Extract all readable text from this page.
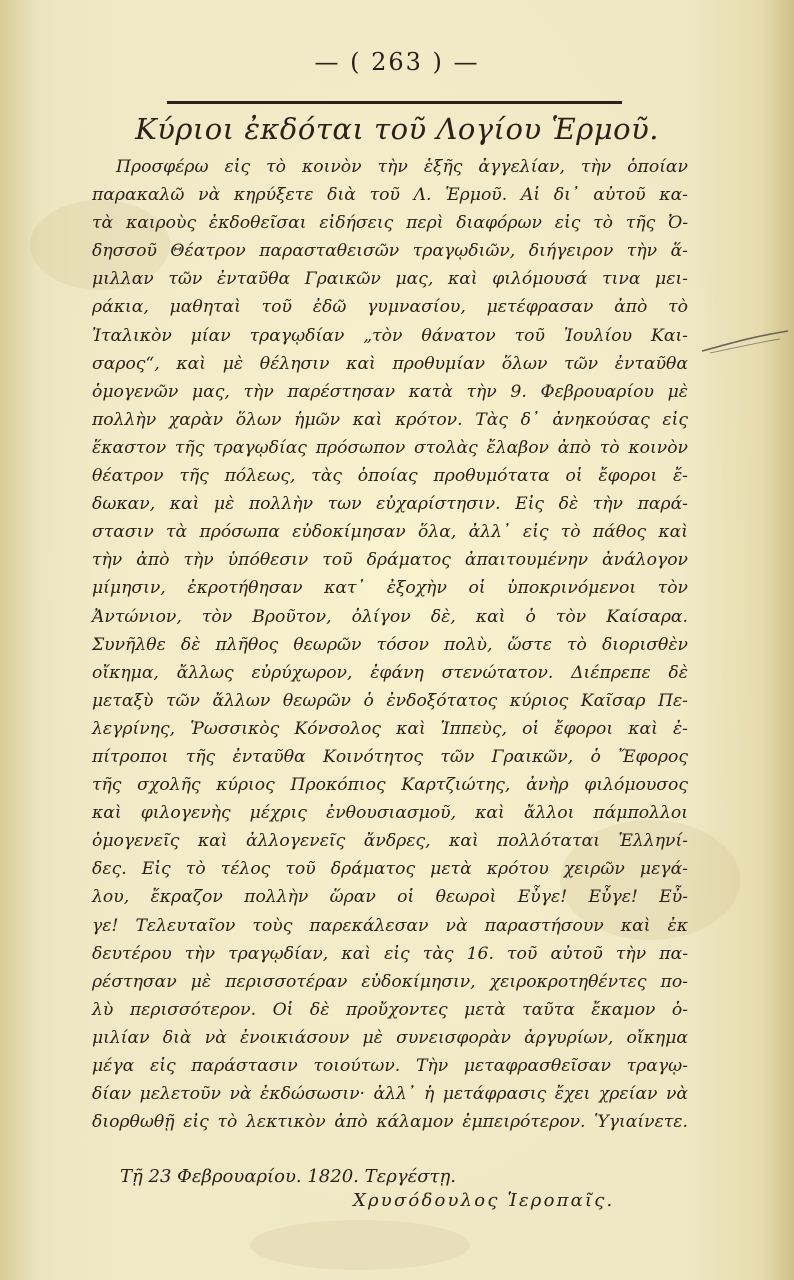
— ( 263 ) —
Κύριοι ἐκδόται τοῦ Λογίου Ἑρμοῦ.
Προσφέρω εἰς τὸ κοινὸν τὴν ἑξῆς ἀγγελίαν, τὴν ὁποίαν
παρακαλῶ νὰ κηρύξετε διὰ τοῦ Λ. Ἑρμοῦ. Αἱ δι᾿ αὐτοῦ κα-
τὰ καιροὺς ἐκδοθεῖσαι εἰδήσεις περὶ διαφόρων εἰς τὸ τῆς Ὀ-
δησσοῦ Θέατρον παρασταθεισῶν τραγῳδιῶν, διήγειρον τὴν ἅ-
μιλλαν τῶν ἐνταῦθα Γραικῶν μας, καὶ φιλόμουσά τινα μει-
ράκια, μαθηταὶ τοῦ ἐδῶ γυμνασίου, μετέφρασαν ἀπὸ τὸ
Ἰταλικὸν μίαν τραγῳδίαν „τὸν θάνατον τοῦ Ἰουλίου Και-
σαρος“, καὶ μὲ θέλησιν καὶ προθυμίαν ὅλων τῶν ἐνταῦθα
ὁμογενῶν μας, τὴν παρέστησαν κατὰ τὴν 9. Φεβρουαρίου μὲ
πολλὴν χαρὰν ὅλων ἡμῶν καὶ κρότον. Τὰς δ᾿ ἀνηκούσας εἰς
ἕκαστον τῆς τραγῳδίας πρόσωπον στολὰς ἔλαβον ἀπὸ τὸ κοινὸν
θέατρον τῆς πόλεως, τὰς ὁποίας προθυμότατα οἱ ἔφοροι ἔ-
δωκαν, καὶ μὲ πολλὴν των εὐχαρίστησιν. Εἰς δὲ τὴν παρά-
στασιν τὰ πρόσωπα εὐδοκίμησαν ὅλα, ἀλλ᾿ εἰς τὸ πάθος καὶ
τὴν ἀπὸ τὴν ὑπόθεσιν τοῦ δράματος ἀπαιτουμένην ἀνάλογον
μίμησιν, ἐκροτήθησαν κατ᾿ ἐξοχὴν οἱ ὑποκρινόμενοι τὸν
Ἀντώνιον, τὸν Βροῦτον, ὀλίγον δὲ, καὶ ὁ τὸν Καίσαρα.
Συνῆλθε δὲ πλῆθος θεωρῶν τόσον πολὺ, ὥστε τὸ διορισθὲν
οἴκημα, ἄλλως εὐρύχωρον, ἐφάνη στενώτατον. Διέπρεπε δὲ
μεταξὺ τῶν ἄλλων θεωρῶν ὁ ἐνδοξότατος κύριος Καῖσαρ Πε-
λεγρίνης, Ῥωσσικὸς Κόνσολος καὶ Ἱππεὺς, οἱ ἔφοροι καὶ ἐ-
πίτροποι τῆς ἐνταῦθα Κοινότητος τῶν Γραικῶν, ὁ Ἔφορος
τῆς σχολῆς κύριος Προκόπιος Καρτζιώτης, ἀνὴρ φιλόμουσος
καὶ φιλογενὴς μέχρις ἐνθουσιασμοῦ, καὶ ἄλλοι πάμπολλοι
ὁμογενεῖς καὶ ἀλλογενεῖς ἄνδρες, καὶ πολλόταται Ἑλληνί-
δες. Εἰς τὸ τέλος τοῦ δράματος μετὰ κρότου χειρῶν μεγά-
λου, ἔκραζον πολλὴν ὥραν οἱ θεωροὶ Εὖγε! Εὖγε! Εὖ-
γε! Τελευταῖον τοὺς παρεκάλεσαν νὰ παραστήσουν καὶ ἐκ
δευτέρου τὴν τραγῳδίαν, καὶ εἰς τὰς 16. τοῦ αὐτοῦ τὴν πα-
ρέστησαν μὲ περισσοτέραν εὐδοκίμησιν, χειροκροτηθέντες πο-
λὺ περισσότερον. Οἱ δὲ προὔχοντες μετὰ ταῦτα ἔκαμον ὁ-
μιλίαν διὰ νὰ ἐνοικιάσουν μὲ συνεισφορὰν ἀργυρίων, οἴκημα
μέγα εἰς παράστασιν τοιούτων. Τὴν μεταφρασθεῖσαν τραγῳ-
δίαν μελετοῦν νὰ ἐκδώσωσιν· ἀλλ᾿ ἡ μετάφρασις ἔχει χρείαν νὰ
διορθωθῇ εἰς τὸ λεκτικὸν ἀπὸ κάλαμον ἐμπειρότερον. Ὑγιαίνετε.
Τῇ 23 Φεβρουαρίου. 1820. Τεργέστῃ.
Χρυσόδουλος Ἱεροπαῖς.
